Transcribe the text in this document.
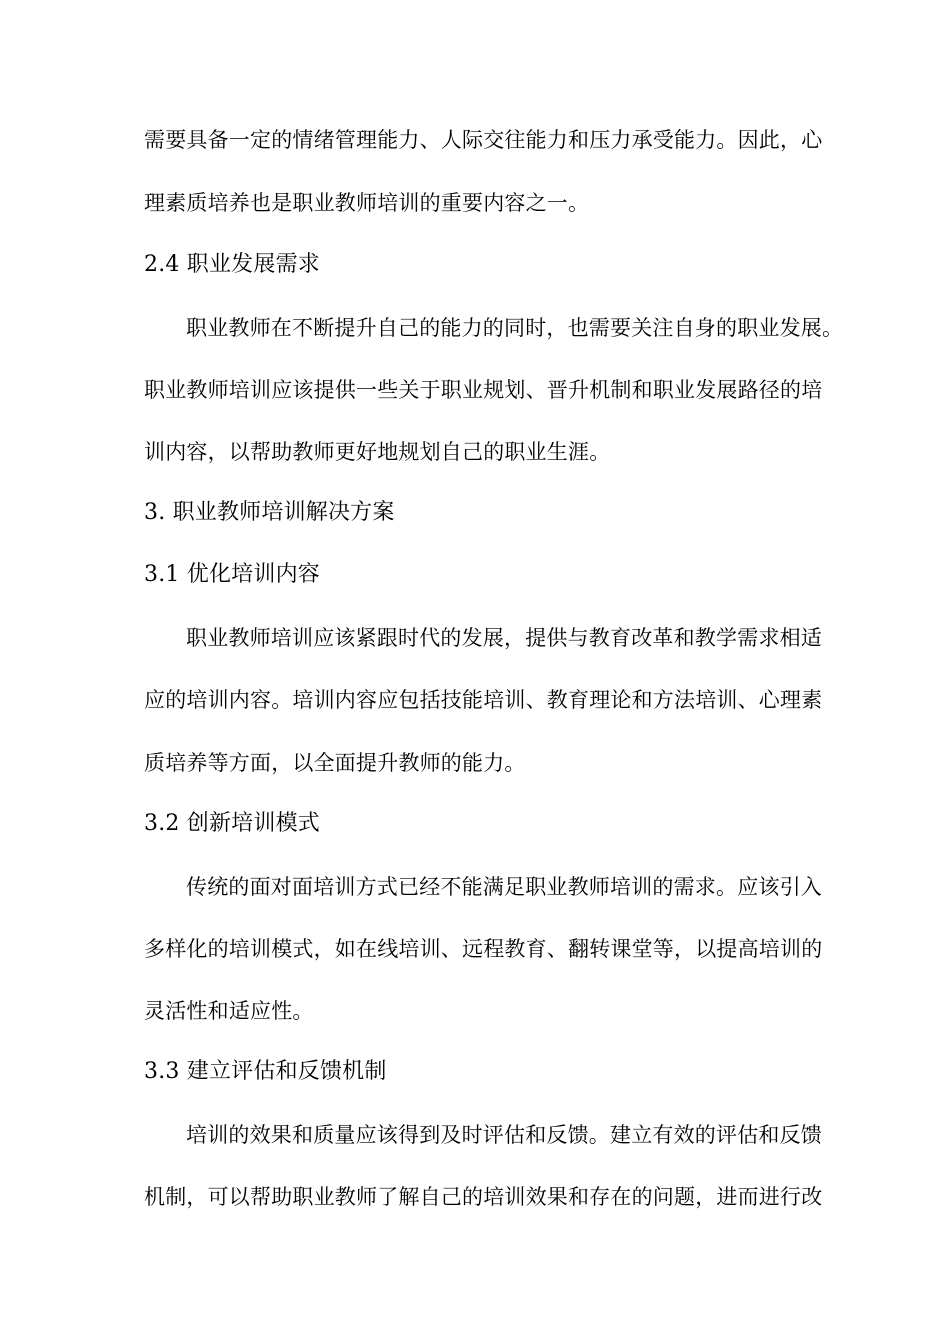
需要具备一定的情绪管理能力、人际交往能力和压力承受能力。因此，心
理素质培养也是职业教师培训的重要内容之一。
2.4 职业发展需求
职业教师在不断提升自己的能力的同时，也需要关注自身的职业发展。
职业教师培训应该提供一些关于职业规划、晋升机制和职业发展路径的培
训内容，以帮助教师更好地规划自己的职业生涯。
3. 职业教师培训解决方案
3.1 优化培训内容
职业教师培训应该紧跟时代的发展，提供与教育改革和教学需求相适
应的培训内容。培训内容应包括技能培训、教育理论和方法培训、心理素
质培养等方面，以全面提升教师的能力。
3.2 创新培训模式
传统的面对面培训方式已经不能满足职业教师培训的需求。应该引入
多样化的培训模式，如在线培训、远程教育、翻转课堂等，以提高培训的
灵活性和适应性。
3.3 建立评估和反馈机制
培训的效果和质量应该得到及时评估和反馈。建立有效的评估和反馈
机制，可以帮助职业教师了解自己的培训效果和存在的问题，进而进行改
